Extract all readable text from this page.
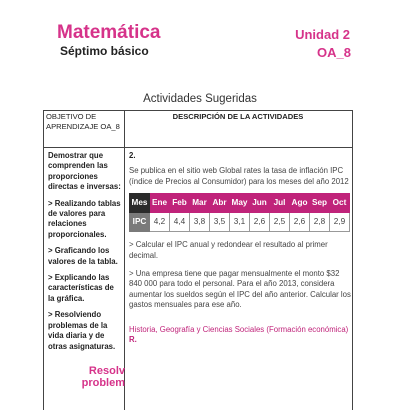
Matemática
Séptimo básico
Unidad 2
OA_8
Actividades Sugeridas
OBJETIVO DE APRENDIZAJE OA_8
DESCRIPCIÓN DE LA ACTIVIDADES

Demostrar que comprenden las proporciones directas e inversas:

> Realizando tablas de valores para relaciones proporcionales.

> Graficando los valores de la tabla.

> Explicando las características de la gráfica.

> Resolviendo problemas de la vida diaria y de otras asignaturas.

2.

Se publica en el sitio web Global rates la tasa de inflación IPC (índice de Precios al Consumidor) para los meses del año 2012

Mes	Ene	Feb	Mar	Abr	May	Jun	Jul	Ago	Sep	Oct
IPC	4,2	4,4	3,8	3,5	3,1	2,6	2,5	2,6	2,8	2,9

> Calcular el IPC anual y redondear el resultado al primer decimal.

> Una empresa tiene que pagar mensualmente el monto $32 840 000 para todo el personal. Para el año 2013, considera aumentar los sueldos según el IPC del año anterior. Calcular los gastos mensuales para ese año.

Historia, Geografía y Ciencias Sociales (Formación económica)
R.

Resolv
problem
